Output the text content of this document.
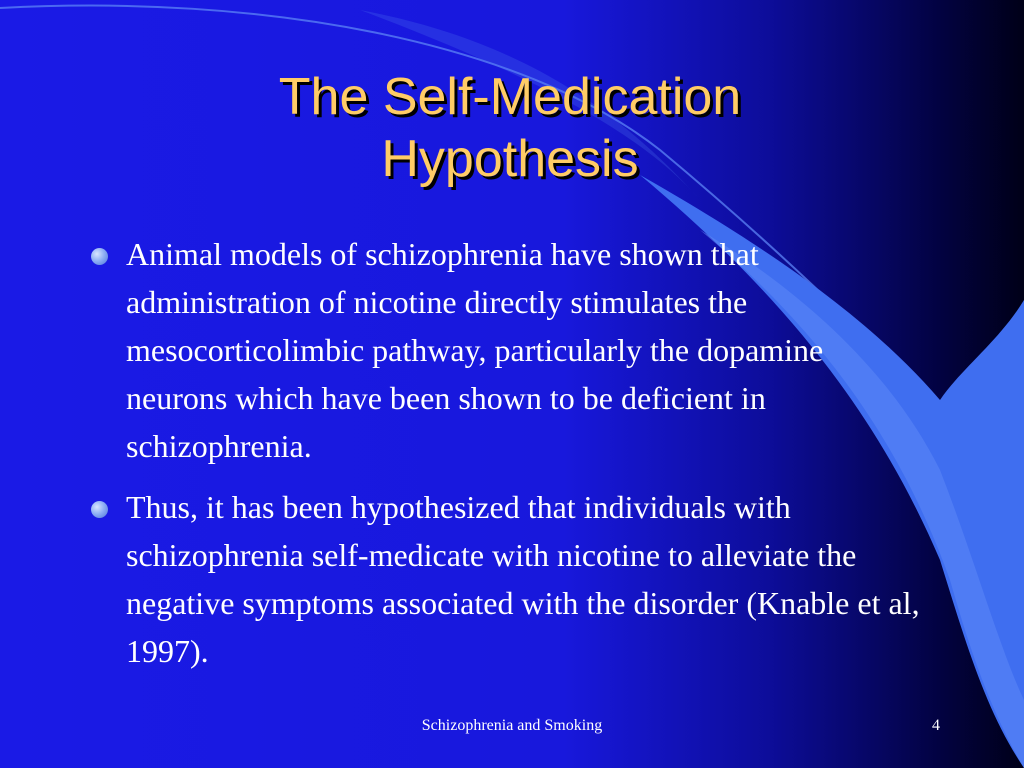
The Self-Medication
Hypothesis
Animal models of schizophrenia have shown that administration of nicotine directly stimulates the mesocorticolimbic pathway, particularly the dopamine neurons which have been shown to be deficient in schizophrenia.
Thus, it has been hypothesized that individuals with schizophrenia self-medicate with nicotine to alleviate the negative symptoms associated with the disorder (Knable et al, 1997).
Schizophrenia and Smoking	4
